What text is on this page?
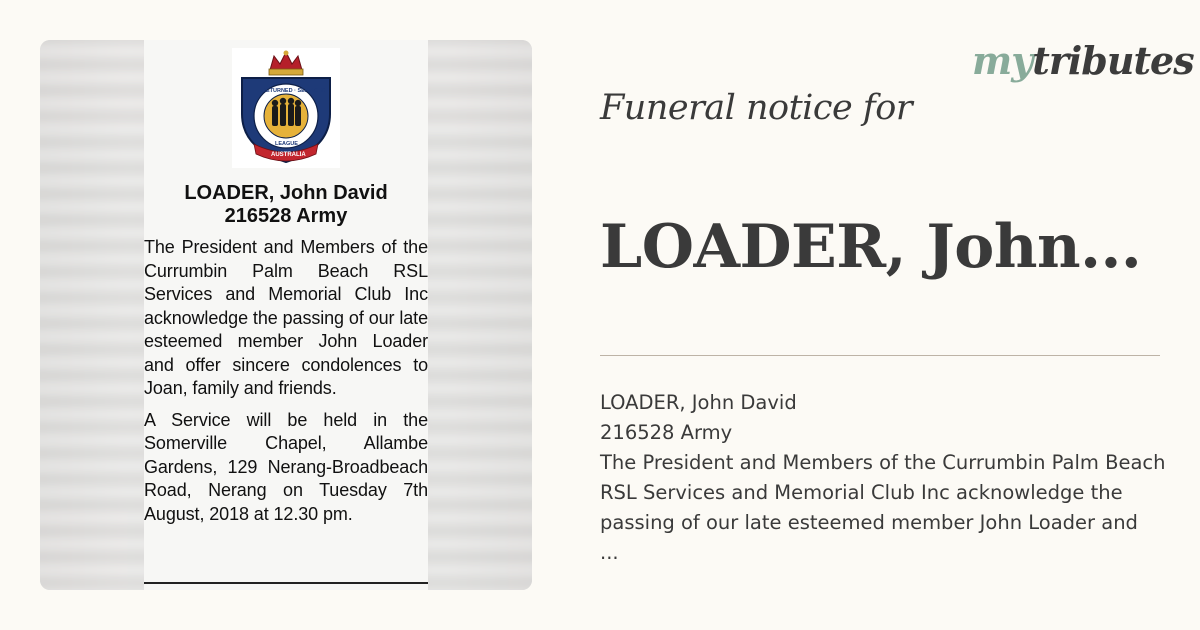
RETURNED · SERVICES
LEAGUE
AUSTRALIA

LOADER, John David

216528 Army

The President and Members of the Currumbin Palm Beach RSL Services and Memorial Club Inc acknowledge the passing of our late esteemed member John Loader and offer sincere condolences to Joan, family and friends.

A Service will be held in the Somerville Chapel, Allambe Gardens, 129 Nerang-Broadbeach Road, Nerang on Tuesday 7th August, 2018 at 12.30 pm.

mytributes
Funeral notice for
LOADER, John...
LOADER, John David
216528 Army
The President and Members of the Currumbin Palm Beach
RSL Services and Memorial Club Inc acknowledge the
passing of our late esteemed member John Loader and
...
